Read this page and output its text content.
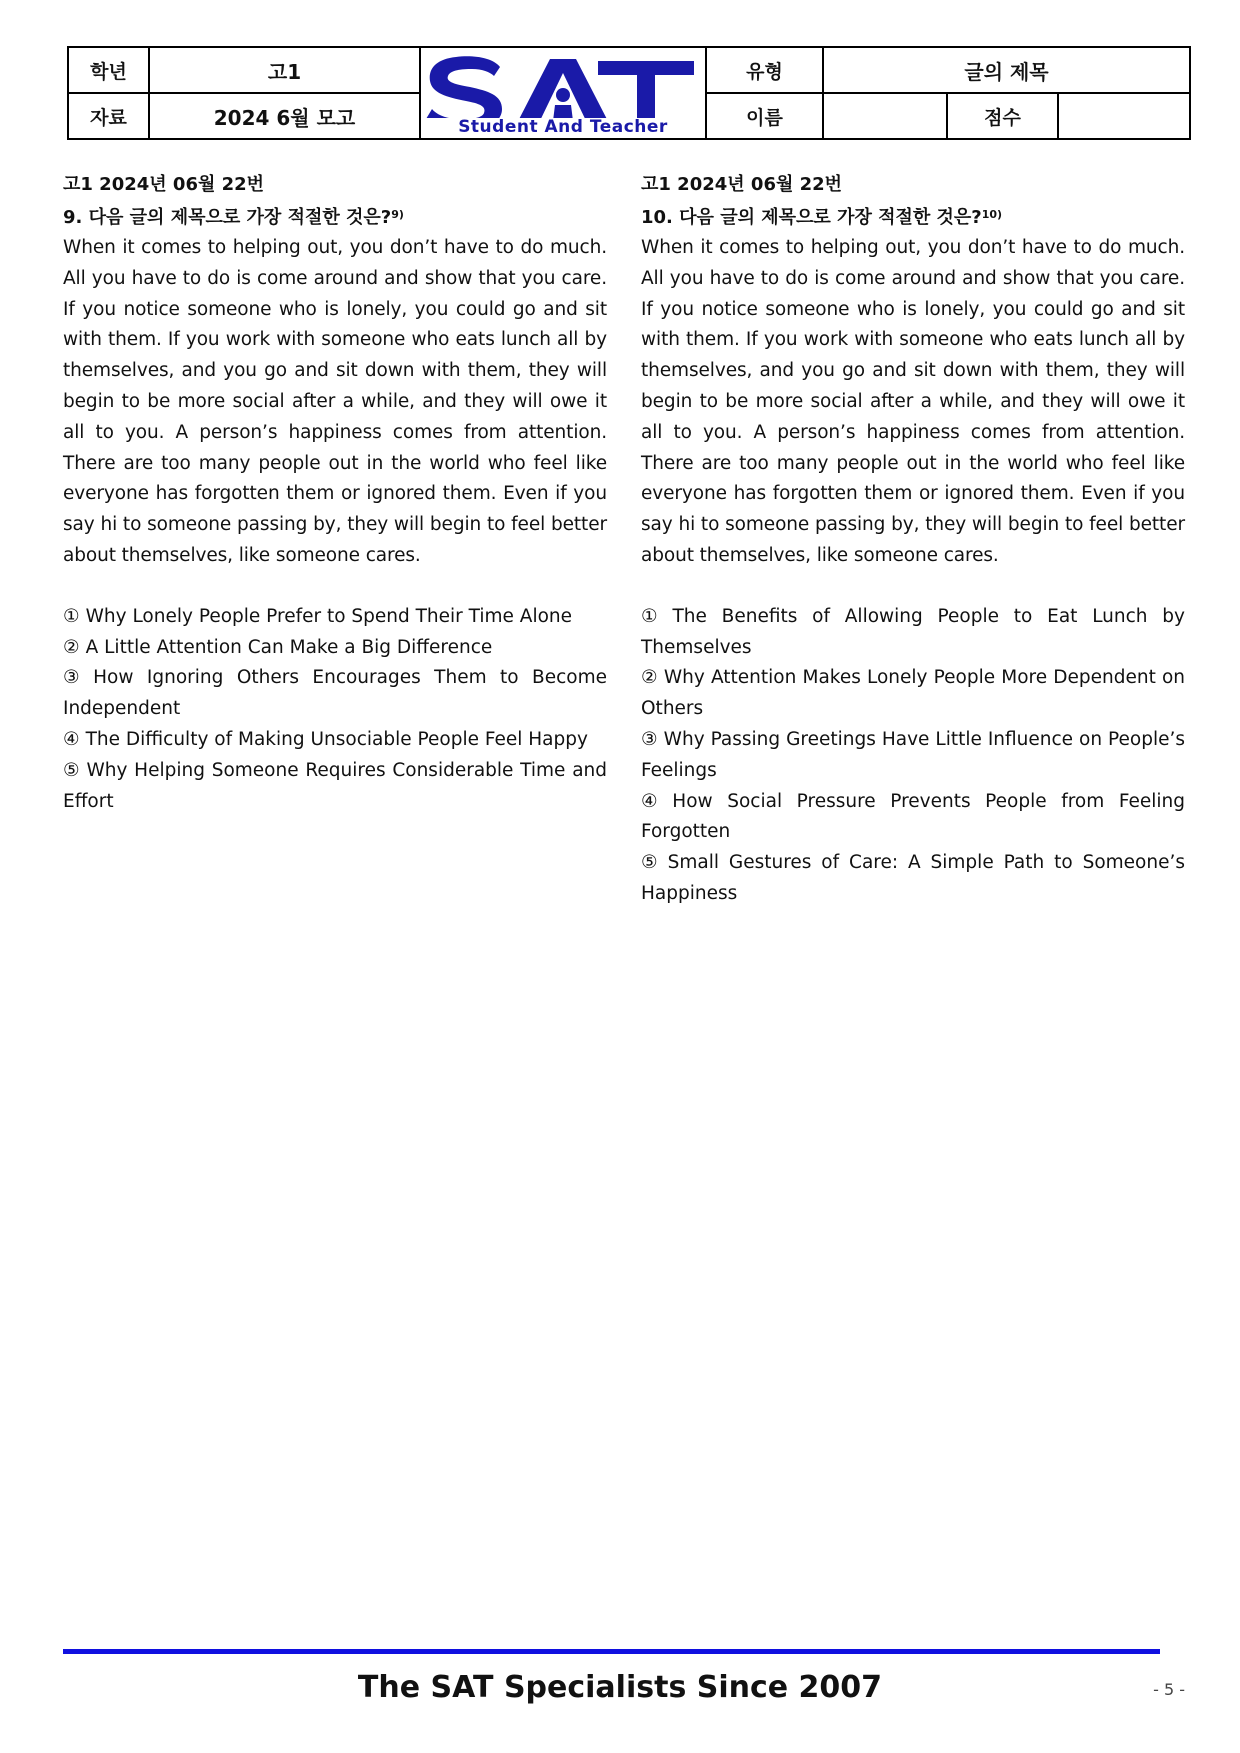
학년	고1	Student And Teacher	유형	글의 제목		
자료	2024 6월 모고		이름		점수	

고1 2024년 06월 22번

9. 다음 글의 제목으로 가장 적절한 것은?$^{9)}$

When it comes to helping out, you don’t have to do much. All you have to do is come around and show that you care. If you notice someone who is lonely, you could go and sit with them. If you work with someone who eats lunch all by themselves, and you go and sit down with them, they will begin to be more social after a while, and they will owe it all to you. A person’s happiness comes from attention. There are too many people out in the world who feel like everyone has forgotten them or ignored them. Even if you say hi to someone passing by, they will begin to feel better about themselves, like someone cares.

① Why Lonely People Prefer to Spend Their Time Alone

② A Little Attention Can Make a Big Difference

③ How Ignoring Others Encourages Them to Become Independent

④ The Difficulty of Making Unsociable People Feel Happy

⑤ Why Helping Someone Requires Considerable Time and Effort

고1 2024년 06월 22번

10. 다음 글의 제목으로 가장 적절한 것은?$^{10)}$

When it comes to helping out, you don’t have to do much. All you have to do is come around and show that you care. If you notice someone who is lonely, you could go and sit with them. If you work with someone who eats lunch all by themselves, and you go and sit down with them, they will begin to be more social after a while, and they will owe it all to you. A person’s happiness comes from attention. There are too many people out in the world who feel like everyone has forgotten them or ignored them. Even if you say hi to someone passing by, they will begin to feel better about themselves, like someone cares.

① The Benefits of Allowing People to Eat Lunch by Themselves

② Why Attention Makes Lonely People More Dependent on Others

③ Why Passing Greetings Have Little Influence on People’s Feelings

④ How Social Pressure Prevents People from Feeling Forgotten

⑤ Small Gestures of Care: A Simple Path to Someone’s Happiness

The SAT Specialists Since 2007	- 5 -
